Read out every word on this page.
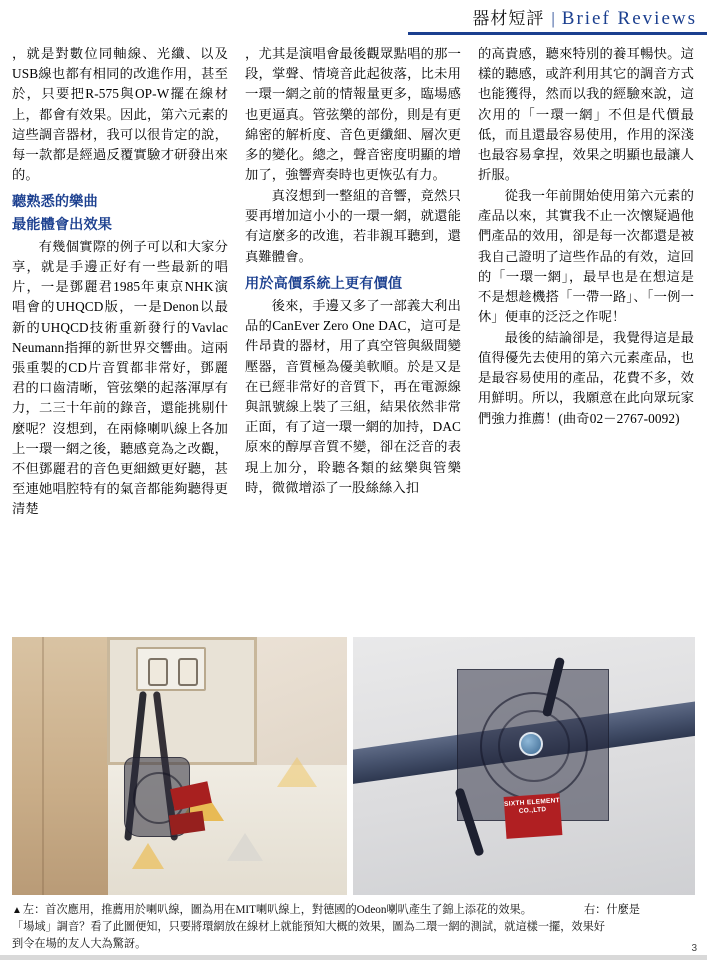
器材短評 | Brief Reviews

，就是對數位同軸線、光纖、以及USB線也都有相同的改進作用，甚至於，只要把R-575與OP-W擺在線材上，都會有效果。因此，第六元素的這些調音器材，我可以很肯定的說，每一款都是經過反覆實驗才研發出來的。

聽熟悉的樂曲
最能體會出效果

有幾個實際的例子可以和大家分享，就是手邊正好有一些最新的唱片，一是鄧麗君1985年東京NHK演唱會的UHQCD版，一是Denon以最新的UHQCD技術重新發行的Vavlac Neumann指揮的新世界交響曲。這兩張重製的CD片音質都非常好，鄧麗君的口齒清晰，管弦樂的起落渾厚有力，二三十年前的錄音，還能挑剔什麼呢？沒想到，在兩條喇叭線上各加上一環一網之後，聽感竟為之改觀，不但鄧麗君的音色更細緻更好聽，甚至連她唱腔特有的氣音都能夠聽得更清楚

，尤其是演唱會最後觀眾點唱的那一段，掌聲、情境音此起彼落，比未用一環一網之前的情報量更多，臨場感也更逼真。管弦樂的部份，則是有更綿密的解析度、音色更纖細、層次更多的變化。總之，聲音密度明顯的增加了，強響齊奏時也更恢弘有力。

真沒想到一整組的音響，竟然只要再增加這小小的一環一網，就還能有這麼多的改進，若非親耳聽到，還真難體會。

用於高價系統上更有價值

後來，手邊又多了一部義大利出品的CanEver Zero One DAC，這可是件昂貴的器材，用了真空管與級間變壓器，音質極為優美軟順。於是又是在已經非常好的音質下，再在電源線與訊號線上裝了三組，結果依然非常正面，有了這一環一網的加持，DAC原來的醇厚音質不變，卻在泛音的表現上加分，聆聽各類的絃樂與管樂時，微微增添了一股絲絲入扣

的高貴感，聽來特別的養耳暢快。這樣的聽感，或許利用其它的調音方式也能獲得，然而以我的經驗來說，這次用的「一環一網」不但是代價最低，而且還最容易使用，作用的深淺也最容易拿捏，效果之明顯也最讓人折服。

從我一年前開始使用第六元素的產品以來，其實我不止一次懷疑過他們產品的效用，卻是每一次都還是被我自己證明了這些作品的有效，這回的「一環一網」，最早也是在想這是不是想趁機搭「一帶一路」、「一例一休」便車的泛泛之作呢！

最後的結論卻是，我覺得這是最值得優先去使用的第六元素產品，也是最容易使用的產品，花費不多，效用鮮明。所以，我願意在此向眾玩家們強力推薦！(曲奇02－2767-0092)

SIXTH ELEMENT CO.,LTD
▲左：首次應用，推薦用於喇叭線，圖為用在MIT喇叭線上，對德國的Odeon喇叭產生了錦上添花的效果。	右：什麼是
「場域」調音？看了此圖便知，只要將環網放在線材上就能預知大概的效果，圖為二環一網的測試，就這樣一擺，效果好
到令在場的友人大為驚訝。	3
